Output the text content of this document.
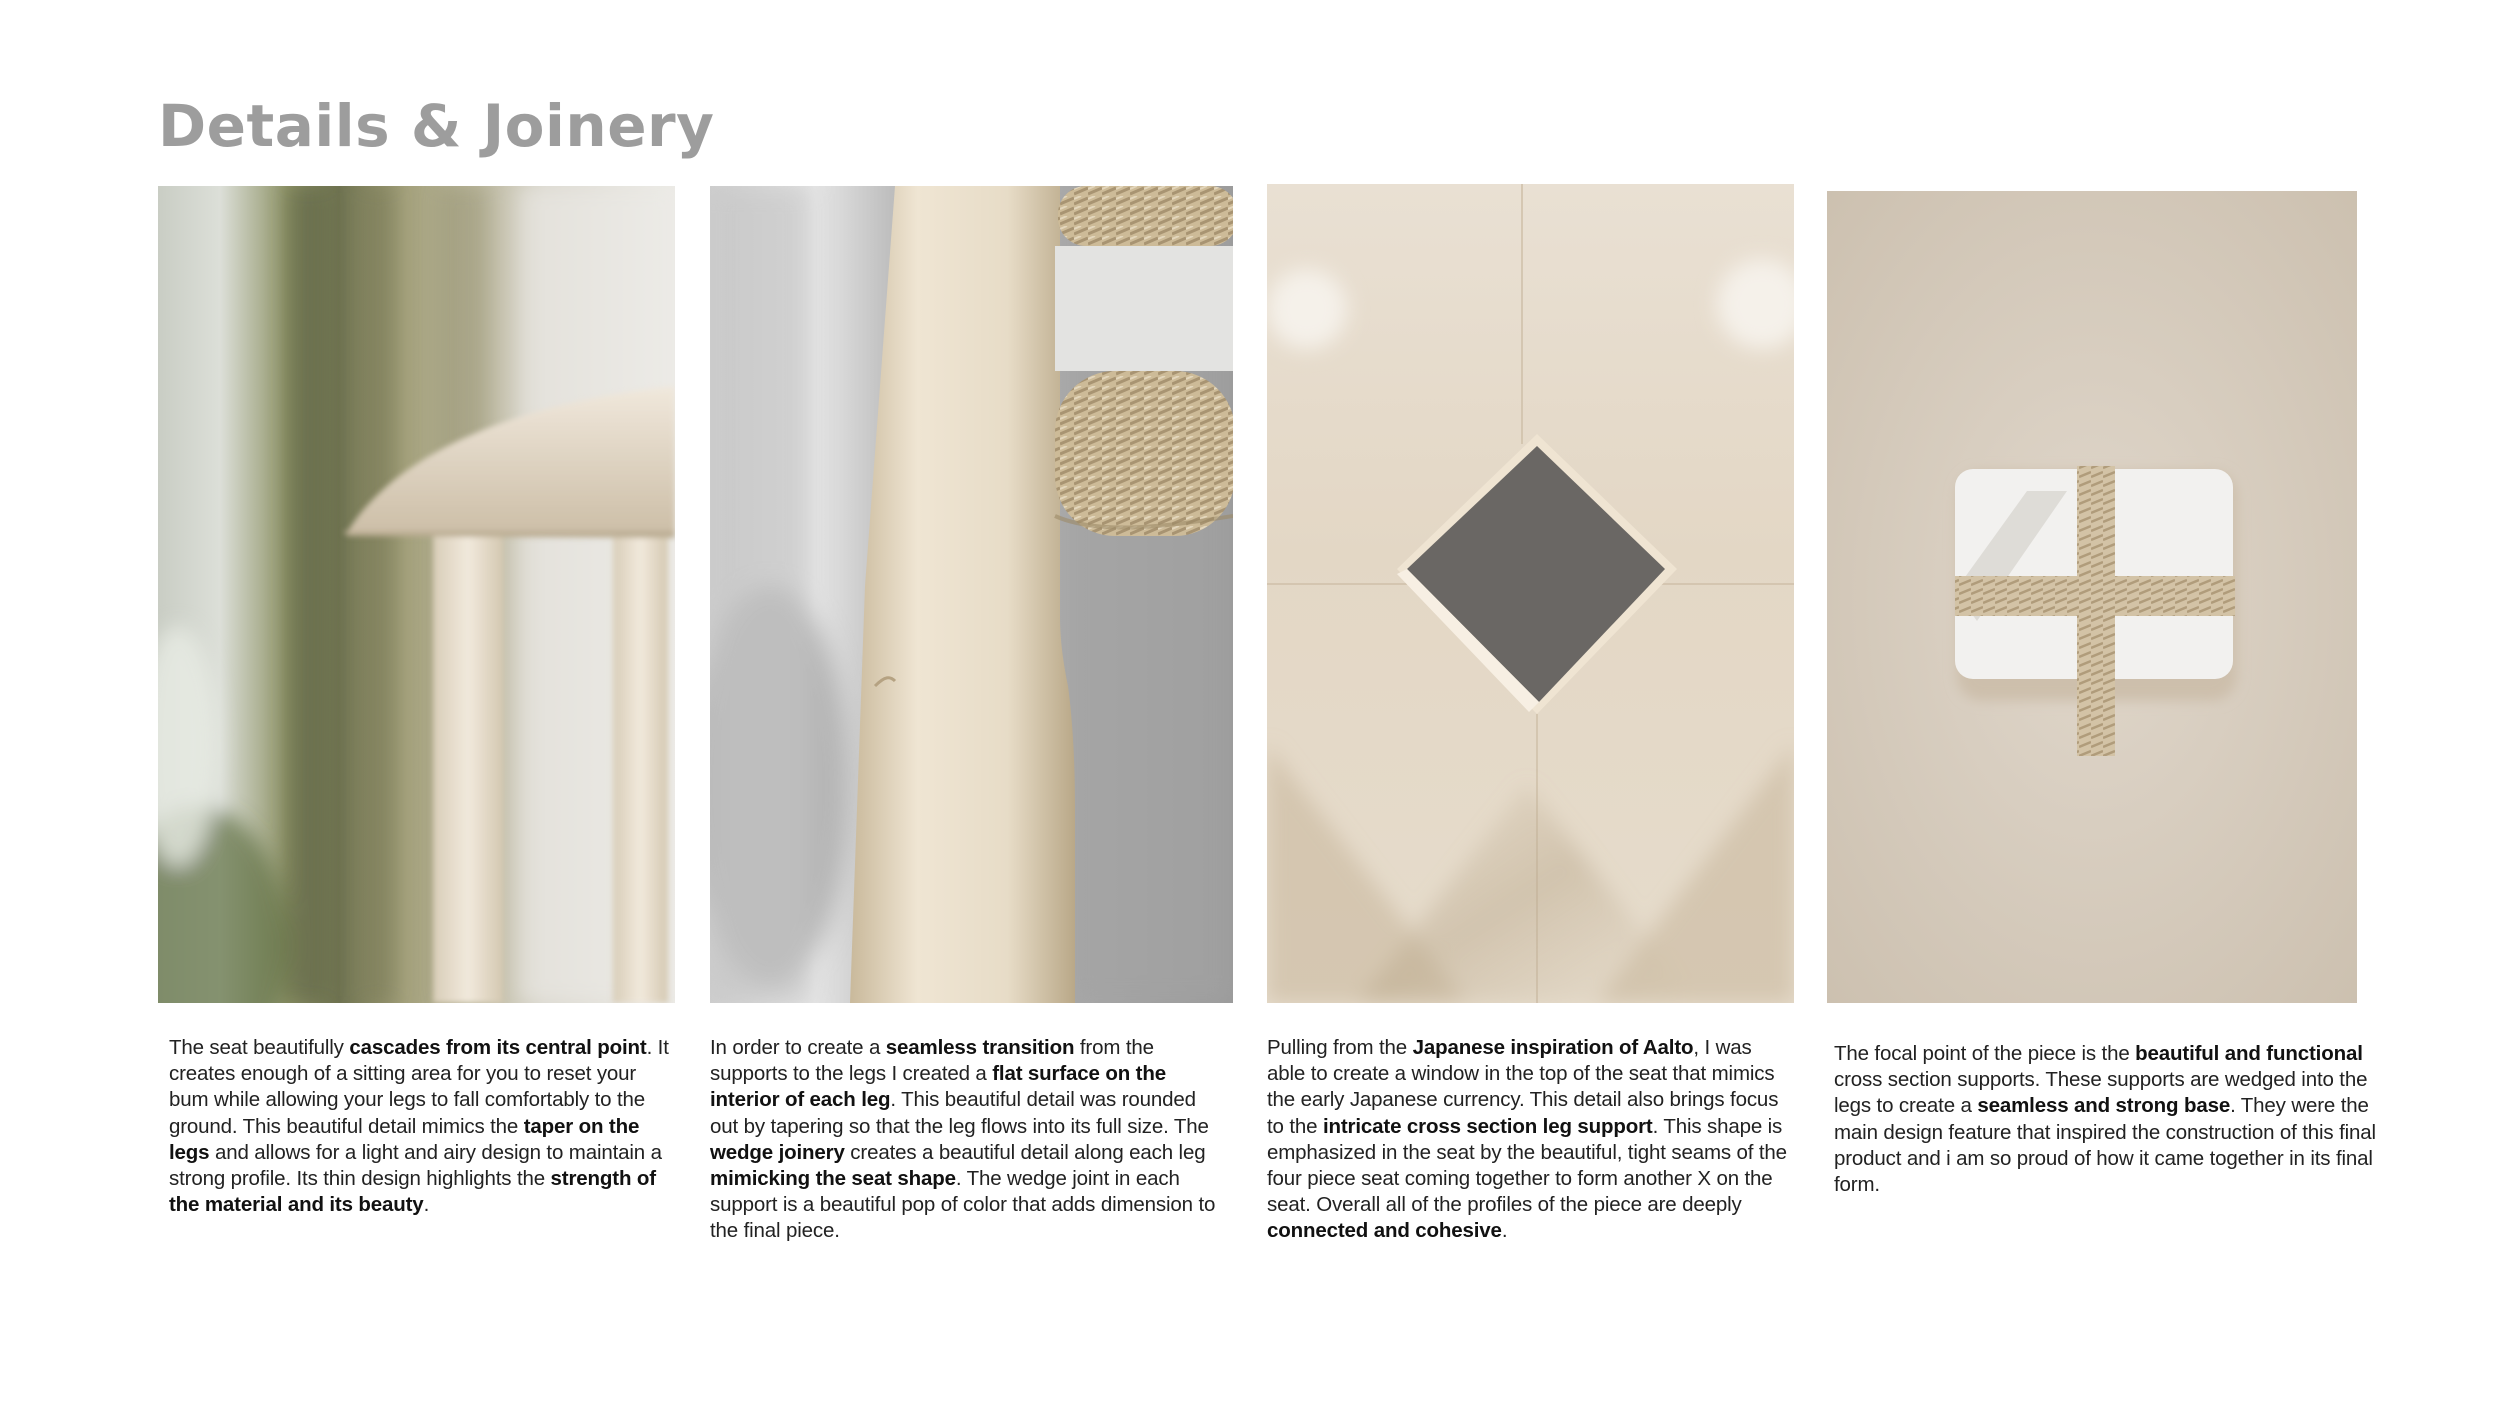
Details & Joinery
The seat beautifully cascades from its central point. It creates enough of a sitting area for you to reset your bum while allowing your legs to fall comfortably to the ground. This beautiful detail mimics the taper on the legs and allows for a light and airy design to maintain a strong profile. Its thin design highlights the strength of the material and its beauty.
In order to create a seamless transition from the supports to the legs I created a flat surface on the interior of each leg. This beautiful detail was rounded out by tapering so that the leg flows into its full size. The wedge joinery creates a beautiful detail along each leg mimicking the seat shape. The wedge joint in each support is a beautiful pop of color that adds dimension to the final piece.
Pulling from the Japanese inspiration of Aalto, I was able to create a window in the top of the seat that mimics the early Japanese currency. This detail also brings focus to the intricate cross section leg support. This shape is emphasized in the seat by the beautiful, tight seams of the four piece seat coming together to form another X on the seat. Overall all of the profiles of the piece are deeply connected and cohesive.
The focal point of the piece is the beautiful and functional cross section supports. These supports are wedged into the legs to create a seamless and strong base. They were the main design feature that inspired the construction of this final product and i am so proud of how it came together in its final form.
